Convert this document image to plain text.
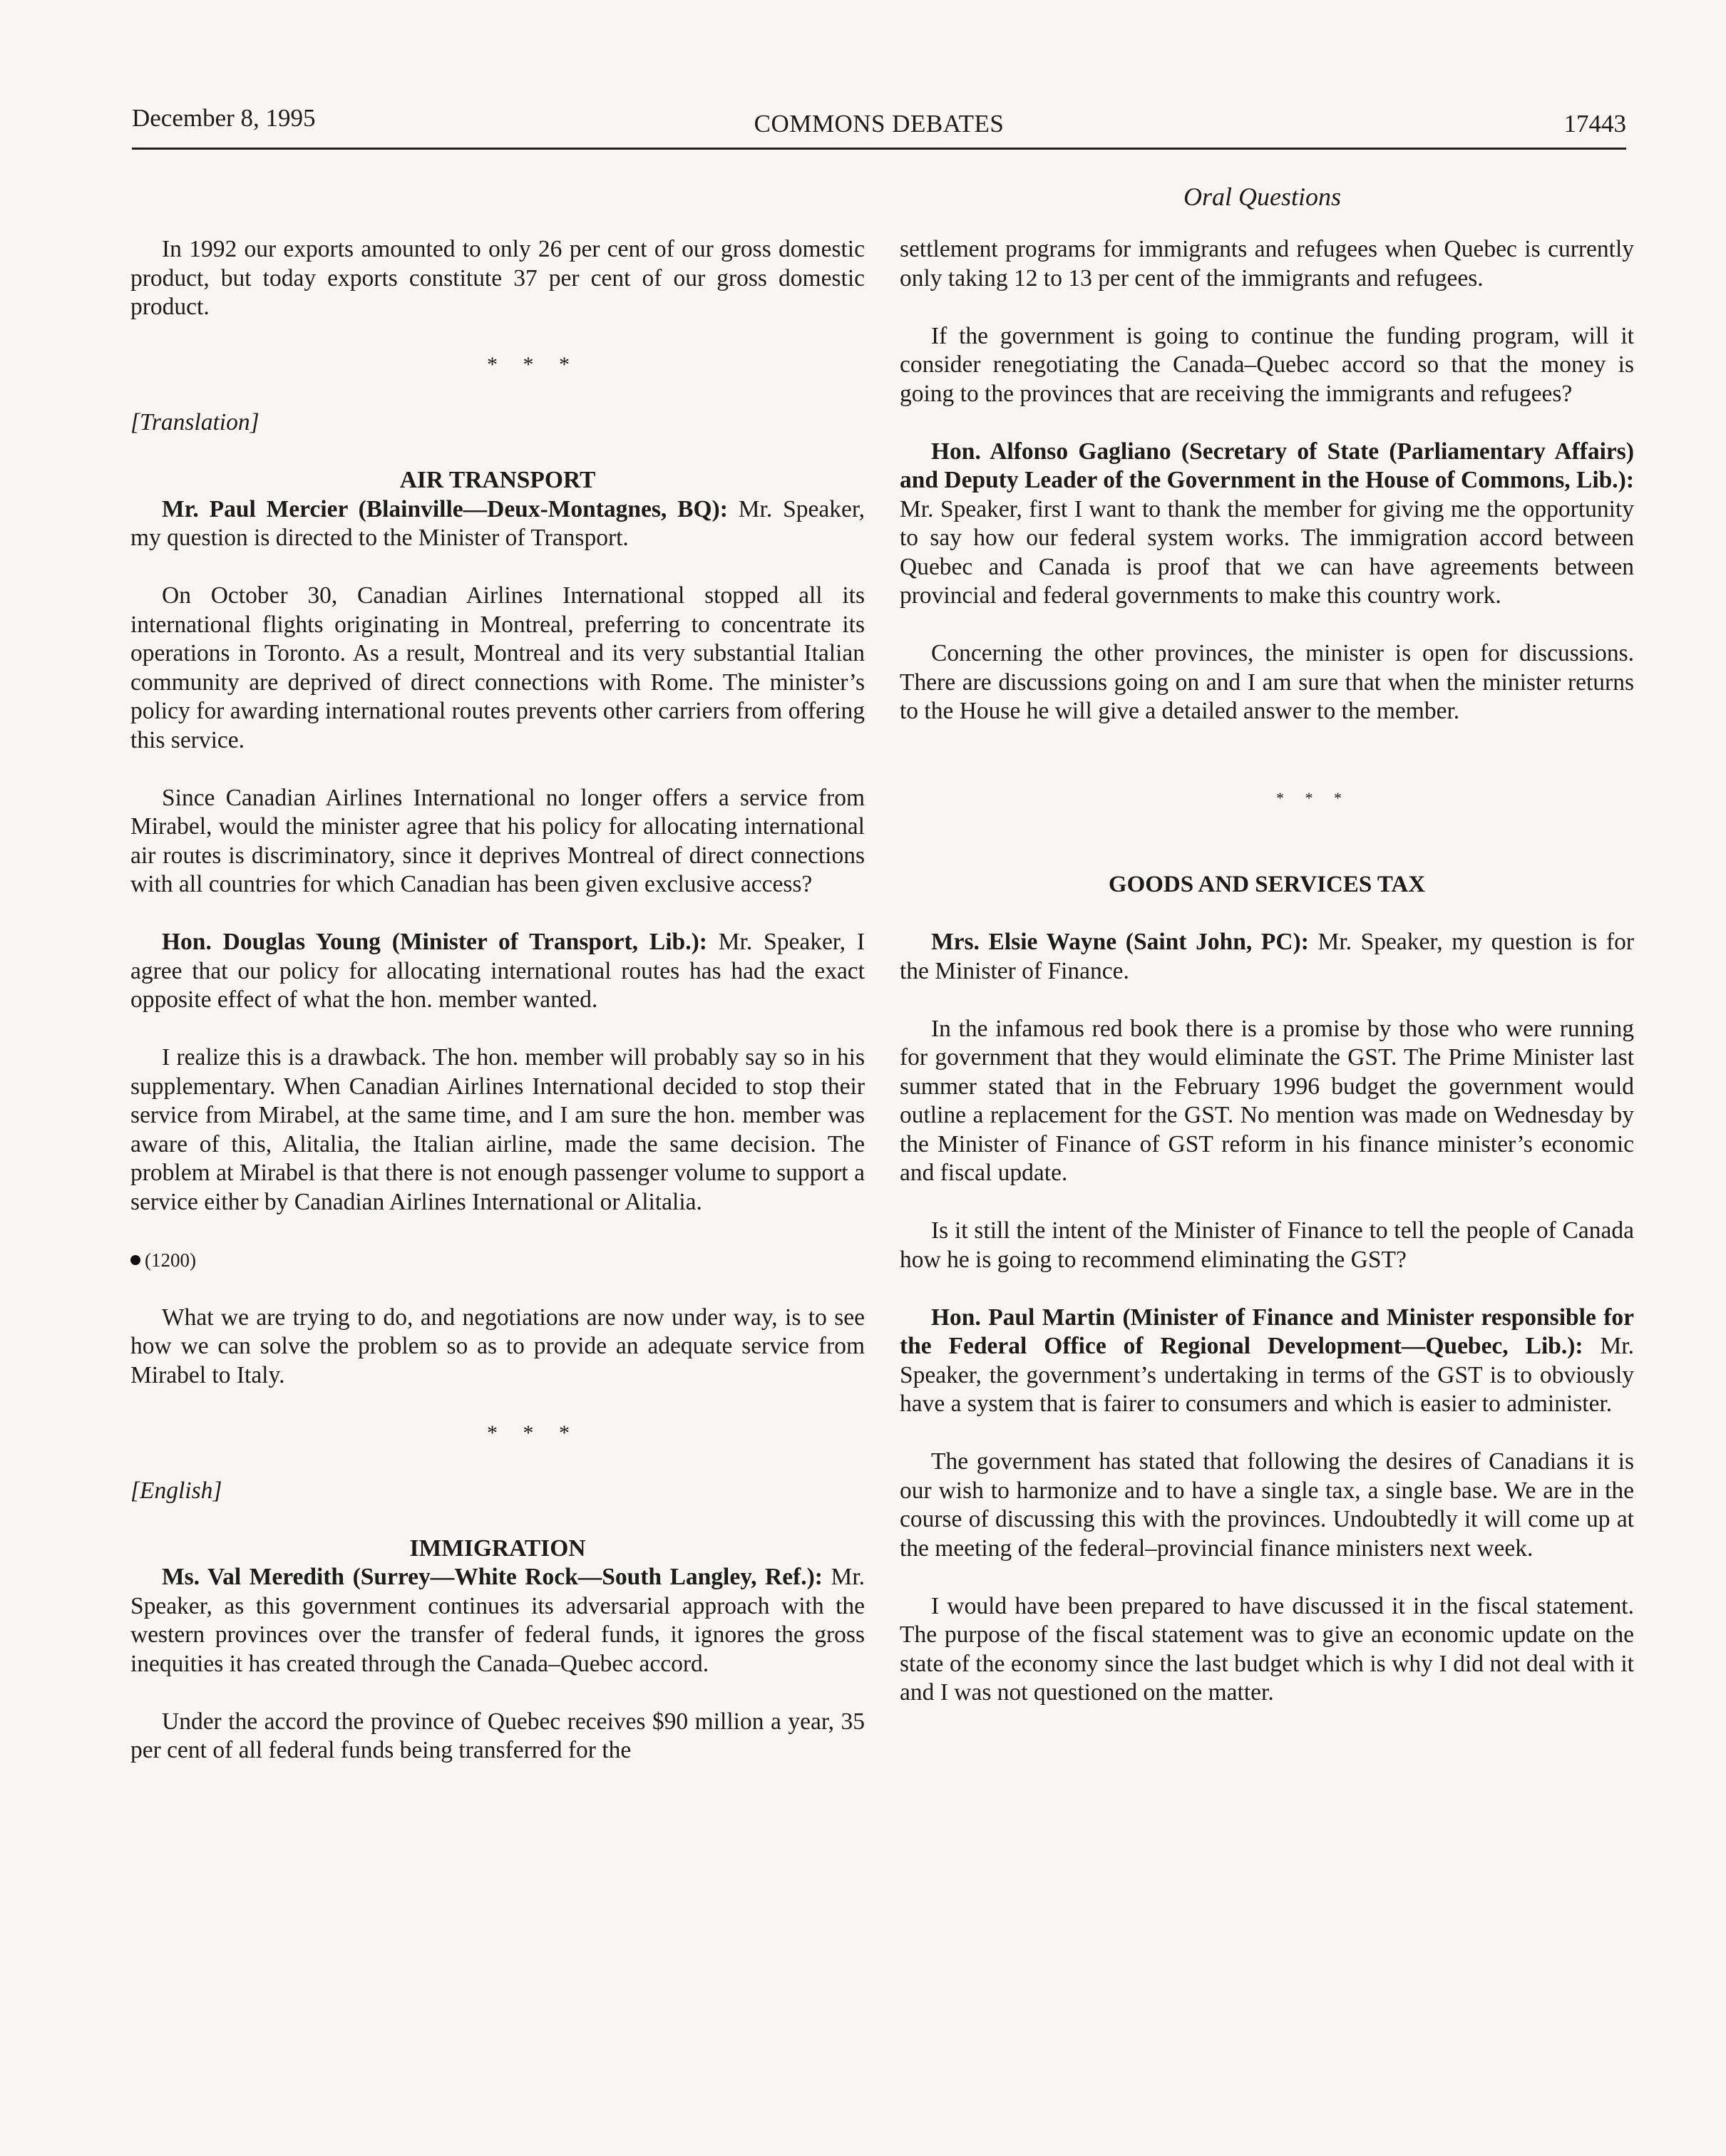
December 8, 1995	COMMONS DEBATES	17443
Oral Questions

In 1992 our exports amounted to only 26 per cent of our gross domestic product, but today exports constitute 37 per cent of our gross domestic product.

* * *
[Translation]
AIR TRANSPORT

Mr. Paul Mercier (Blainville—Deux-Montagnes, BQ): Mr. Speaker, my question is directed to the Minister of Transport.

On October 30, Canadian Airlines International stopped all its international flights originating in Montreal, preferring to concentrate its operations in Toronto. As a result, Montreal and its very substantial Italian community are deprived of direct connections with Rome. The minister’s policy for awarding international routes prevents other carriers from offering this service.

Since Canadian Airlines International no longer offers a service from Mirabel, would the minister agree that his policy for allocating international air routes is discriminatory, since it deprives Montreal of direct connections with all countries for which Canadian has been given exclusive access?

Hon. Douglas Young (Minister of Transport, Lib.): Mr. Speaker, I agree that our policy for allocating international routes has had the exact opposite effect of what the hon. member wanted.

I realize this is a drawback. The hon. member will probably say so in his supplementary. When Canadian Airlines International decided to stop their service from Mirabel, at the same time, and I am sure the hon. member was aware of this, Alitalia, the Italian airline, made the same decision. The problem at Mirabel is that there is not enough passenger volume to support a service either by Canadian Airlines International or Alitalia.

(1200)

What we are trying to do, and negotiations are now under way, is to see how we can solve the problem so as to provide an adequate service from Mirabel to Italy.

* * *
[English]
IMMIGRATION

Ms. Val Meredith (Surrey—White Rock—South Langley, Ref.): Mr. Speaker, as this government continues its adversarial approach with the western provinces over the transfer of federal funds, it ignores the gross inequities it has created through the Canada–Quebec accord.

Under the accord the province of Quebec receives $90 million a year, 35 per cent of all federal funds being transferred for the

settlement programs for immigrants and refugees when Quebec is currently only taking 12 to 13 per cent of the immigrants and refugees.

If the government is going to continue the funding program, will it consider renegotiating the Canada–Quebec accord so that the money is going to the provinces that are receiving the immigrants and refugees?

Hon. Alfonso Gagliano (Secretary of State (Parliamentary Affairs) and Deputy Leader of the Government in the House of Commons, Lib.): Mr. Speaker, first I want to thank the member for giving me the opportunity to say how our federal system works. The immigration accord between Quebec and Canada is proof that we can have agreements between provincial and federal governments to make this country work.

Concerning the other provinces, the minister is open for discussions. There are discussions going on and I am sure that when the minister returns to the House he will give a detailed answer to the member.

* * *
GOODS AND SERVICES TAX

Mrs. Elsie Wayne (Saint John, PC): Mr. Speaker, my question is for the Minister of Finance.

In the infamous red book there is a promise by those who were running for government that they would eliminate the GST. The Prime Minister last summer stated that in the February 1996 budget the government would outline a replacement for the GST. No mention was made on Wednesday by the Minister of Finance of GST reform in his finance minister’s economic and fiscal update.

Is it still the intent of the Minister of Finance to tell the people of Canada how he is going to recommend eliminating the GST?

Hon. Paul Martin (Minister of Finance and Minister responsible for the Federal Office of Regional Development—Quebec, Lib.): Mr. Speaker, the government’s undertaking in terms of the GST is to obviously have a system that is fairer to consumers and which is easier to administer.

The government has stated that following the desires of Canadians it is our wish to harmonize and to have a single tax, a single base. We are in the course of discussing this with the provinces. Undoubtedly it will come up at the meeting of the federal–provincial finance ministers next week.

I would have been prepared to have discussed it in the fiscal statement. The purpose of the fiscal statement was to give an economic update on the state of the economy since the last budget which is why I did not deal with it and I was not questioned on the matter.
